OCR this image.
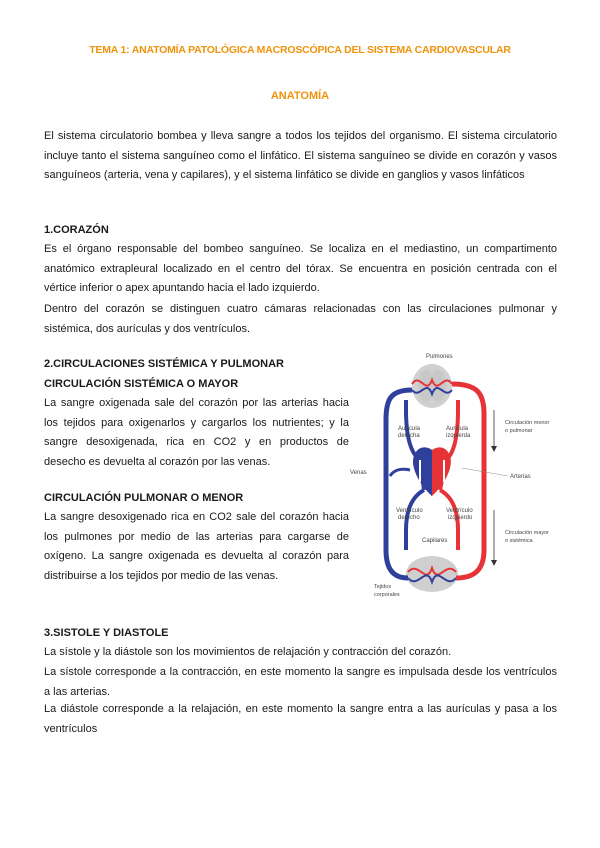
TEMA 1: ANATOMÍA PATOLÓGICA MACROSCÓPICA DEL SISTEMA CARDIOVASCULAR
ANATOMÍA

El sistema circulatorio bombea y lleva sangre a todos los tejidos del organismo. El sistema circulatorio incluye tanto el sistema sanguíneo como el linfático. El sistema sanguíneo se divide en corazón y vasos sanguíneos (arteria, vena y capilares), y el sistema linfático se divide en ganglios y vasos linfáticos

1.CORAZÓN

Es el órgano responsable del bombeo sanguíneo. Se localiza en el mediastino, un compartimento anatómico extrapleural localizado en el centro del tórax. Se encuentra en posición centrada con el vértice inferior o apex apuntando hacia el lado izquierdo.

Dentro del corazón se distinguen cuatro cámaras relacionadas con las circulaciones pulmonar y sistémica, dos aurículas y dos ventrículos.

2.CIRCULACIONES SISTÉMICA Y PULMONAR

CIRCULACIÓN SISTÉMICA O MAYOR

La sangre oxigenada sale del corazón por las arterias hacia los tejidos para oxigenarlos y cargarlos los nutrientes; y la sangre desoxigenada, rica en CO2 y en productos de desecho es devuelta al corazón por las venas.

CIRCULACIÓN PULMONAR O MENOR

La sangre desoxigenado rica en CO2 sale del corazón hacia los pulmones por medio de las arterias para cargarse de oxígeno. La sangre oxigenada es devuelta al corazón para distribuirse a los tejidos por medio de las venas.

Pulmones
Aurícula
derecha
Aurícula
izquierda
Ventrículo
derecho
Ventrículo
izquierdo
Capilares
Venas
Arterias
Circulación menor
o pulmonar
Circulación mayor
o sistémica
Tejidos
corporales

3.SISTOLE Y DIASTOLE

La sístole y la diástole son los movimientos de relajación y contracción del corazón.

La sístole corresponde a la contracción, en este momento la sangre es impulsada desde los ventrículos a las arterias.

La diástole corresponde a la relajación, en este momento la sangre entra a las aurículas y pasa a los ventrículos
